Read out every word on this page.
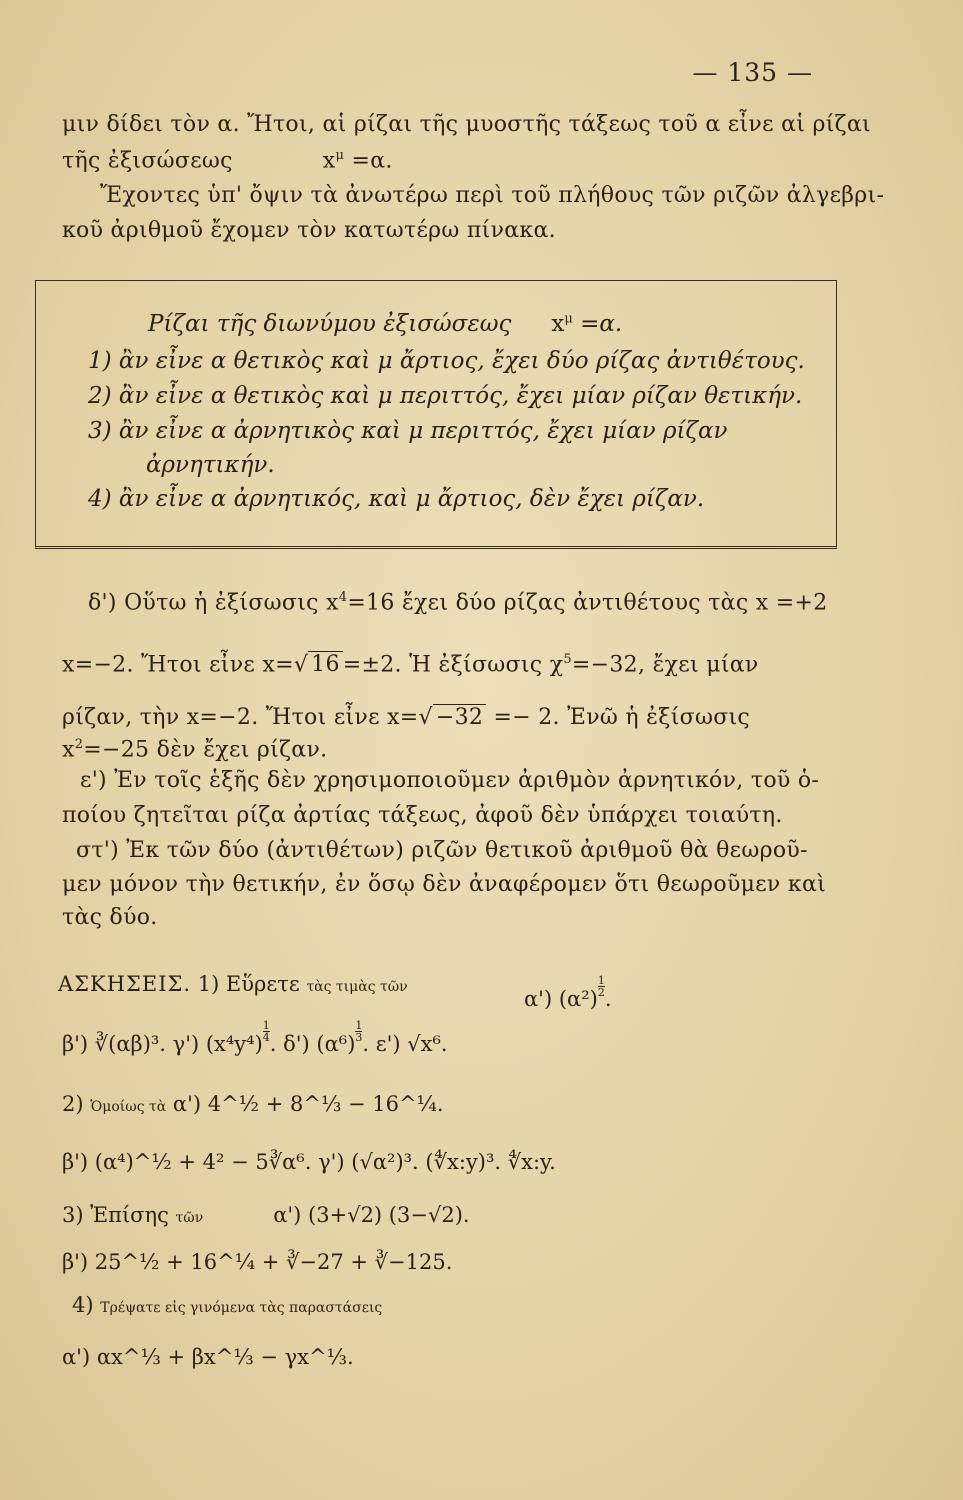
— 135 —
μιν δίδει τὸν α. Ἤτοι, αἱ ρίζαι τῆς μυοστῆς τάξεως τοῦ α εἶνε αἱ ρίζαι
τῆς ἐξισώσεως	$x^\mu =\alpha$.
Ἔχοντες ὑπ' ὄψιν τὰ ἀνωτέρω περὶ τοῦ πλήθους τῶν ριζῶν ἀλγεβρι-
κοῦ ἀριθμοῦ ἔχομεν τὸν κατωτέρω πίνακα.
Ρίζαι τῆς διωνύμου ἐξισώσεως $x^\mu =\alpha$.
1) ἂν εἶνε α θετικὸς καὶ μ ἄρτιος, ἔχει δύο ρίζας ἀντιθέτους.
2) ἂν εἶνε α θετικὸς καὶ μ περιττός, ἔχει μίαν ρίζαν θετικήν.
3) ἂν εἶνε α ἀρνητικὸς καὶ μ περιττός, ἔχει μίαν ρίζαν
ἀρνητικήν.
4) ἂν εἶνε α ἀρνητικός, καὶ μ ἄρτιος, δὲν ἔχει ρίζαν.
δ') Οὕτω ἡ ἐξίσωσις $x^4=16$ ἔχει δύο ρίζας ἀντιθέτους τὰς x =+2
x=−2. Ἤτοι εἶνε x=√ 16 =±2. Ἡ ἐξίσωσις $\chi^5=-32$, ἔχει μίαν
ρίζαν, τὴν x=−2. Ἤτοι εἶνε x=√ −32 =− 2. Ἐνῶ ἡ ἐξίσωσις
$x^2=-25$ δὲν ἔχει ρίζαν.
ε') Ἐν τοῖς ἑξῆς δὲν χρησιμοποιοῦμεν ἀριθμὸν ἀρνητικόν, τοῦ ὁ-
ποίου ζητεῖται ρίζα ἀρτίας τάξεως, ἀφοῦ δὲν ὑπάρχει τοιαύτη.
στ') Ἐκ τῶν δύο (ἀντιθέτων) ριζῶν θετικοῦ ἀριθμοῦ θὰ θεωροῦ-
μεν μόνον τὴν θετικήν, ἐν ὅσῳ δὲν ἀναφέρομεν ὅτι θεωροῦμεν καὶ
τὰς δύο.
ΑΣΚΗΣΕΙΣ. 1) Εὕρετε τὰς τιμὰς τῶν	α') (α²)
$\frac{1}{2}$
.
β') ∛(αβ)³. γ') (x⁴y⁴)
$\frac{1}{4}$
. δ') (α⁶)
$\frac{1}{3}$
. ε') √x⁶.
2) Ὁμοίως τὰ α') 4^½ + 8^⅓ − 16^¼.
β') (α⁴)^½ + 4² − 5∛α⁶. γ') (√α²)³. (∜x:y)³. ∜x:y.
3) Ἐπίσης τῶν	α') (3+√2) (3−√2).
β') 25^½ + 16^¼ + ∛−27 + ∛−125.
4) Τρέψατε εἰς γινόμενα τὰς παραστάσεις
α') αx^⅓ + βx^⅓ − γx^⅓.
